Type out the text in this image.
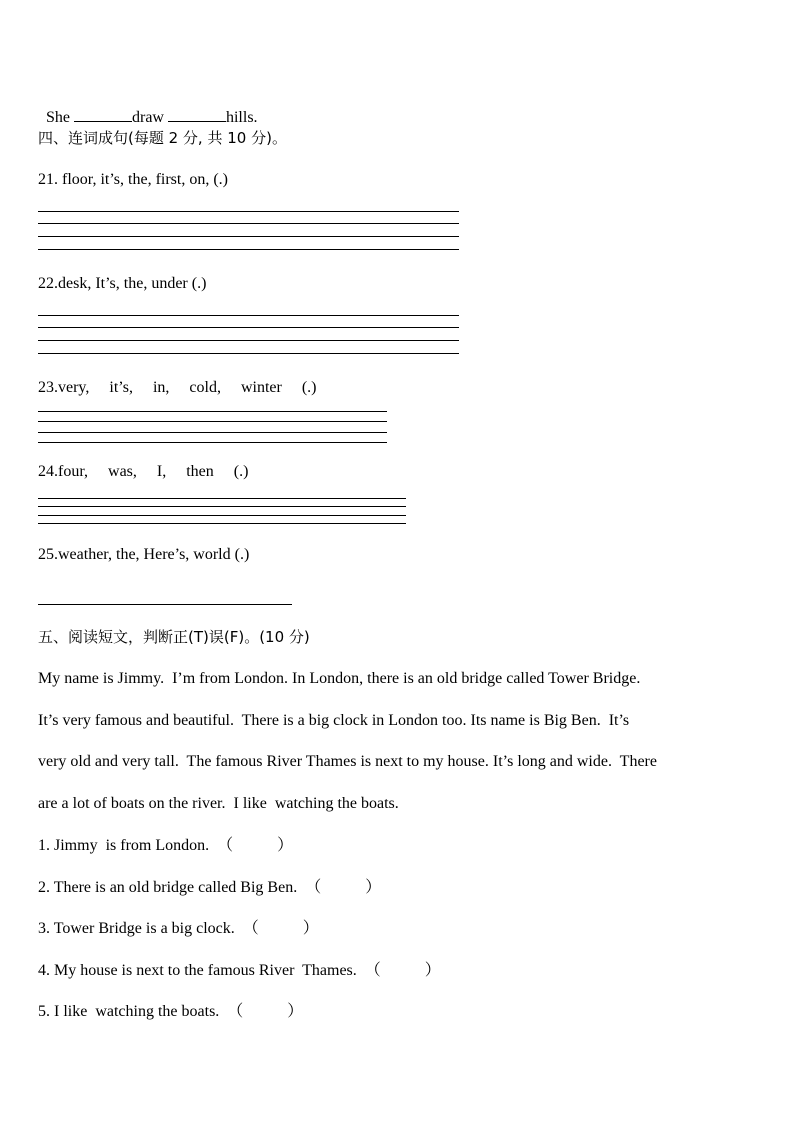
She	draw	hills.

四、连词成句(每题 2 分, 共 10 分)。
21. floor, it’s, the, first, on, (.)
22.desk, It’s, the, under (.)
23.very,     it’s,     in,     cold,     winter     (.)
24.four,     was,     I,     then     (.)
25.weather, the, Here’s, world (.)
五、阅读短文，判断正(T)误(F)。(10 分)
My name is Jimmy.  I’m from London. In London, there is an old bridge called Tower Bridge.
It’s very famous and beautiful.  There is a big clock in London too. Its name is Big Ben.  It’s
very old and very tall.  The famous River Thames is next to my house. It’s long and wide.  There
are a lot of boats on the river.  I like  watching the boats.
1. Jimmy  is from London.  （           ）
2. There is an old bridge called Big Ben.  （           ）
3. Tower Bridge is a big clock.  （           ）
4. My house is next to the famous River  Thames.  （           ）
5. I like  watching the boats.  （           ）
